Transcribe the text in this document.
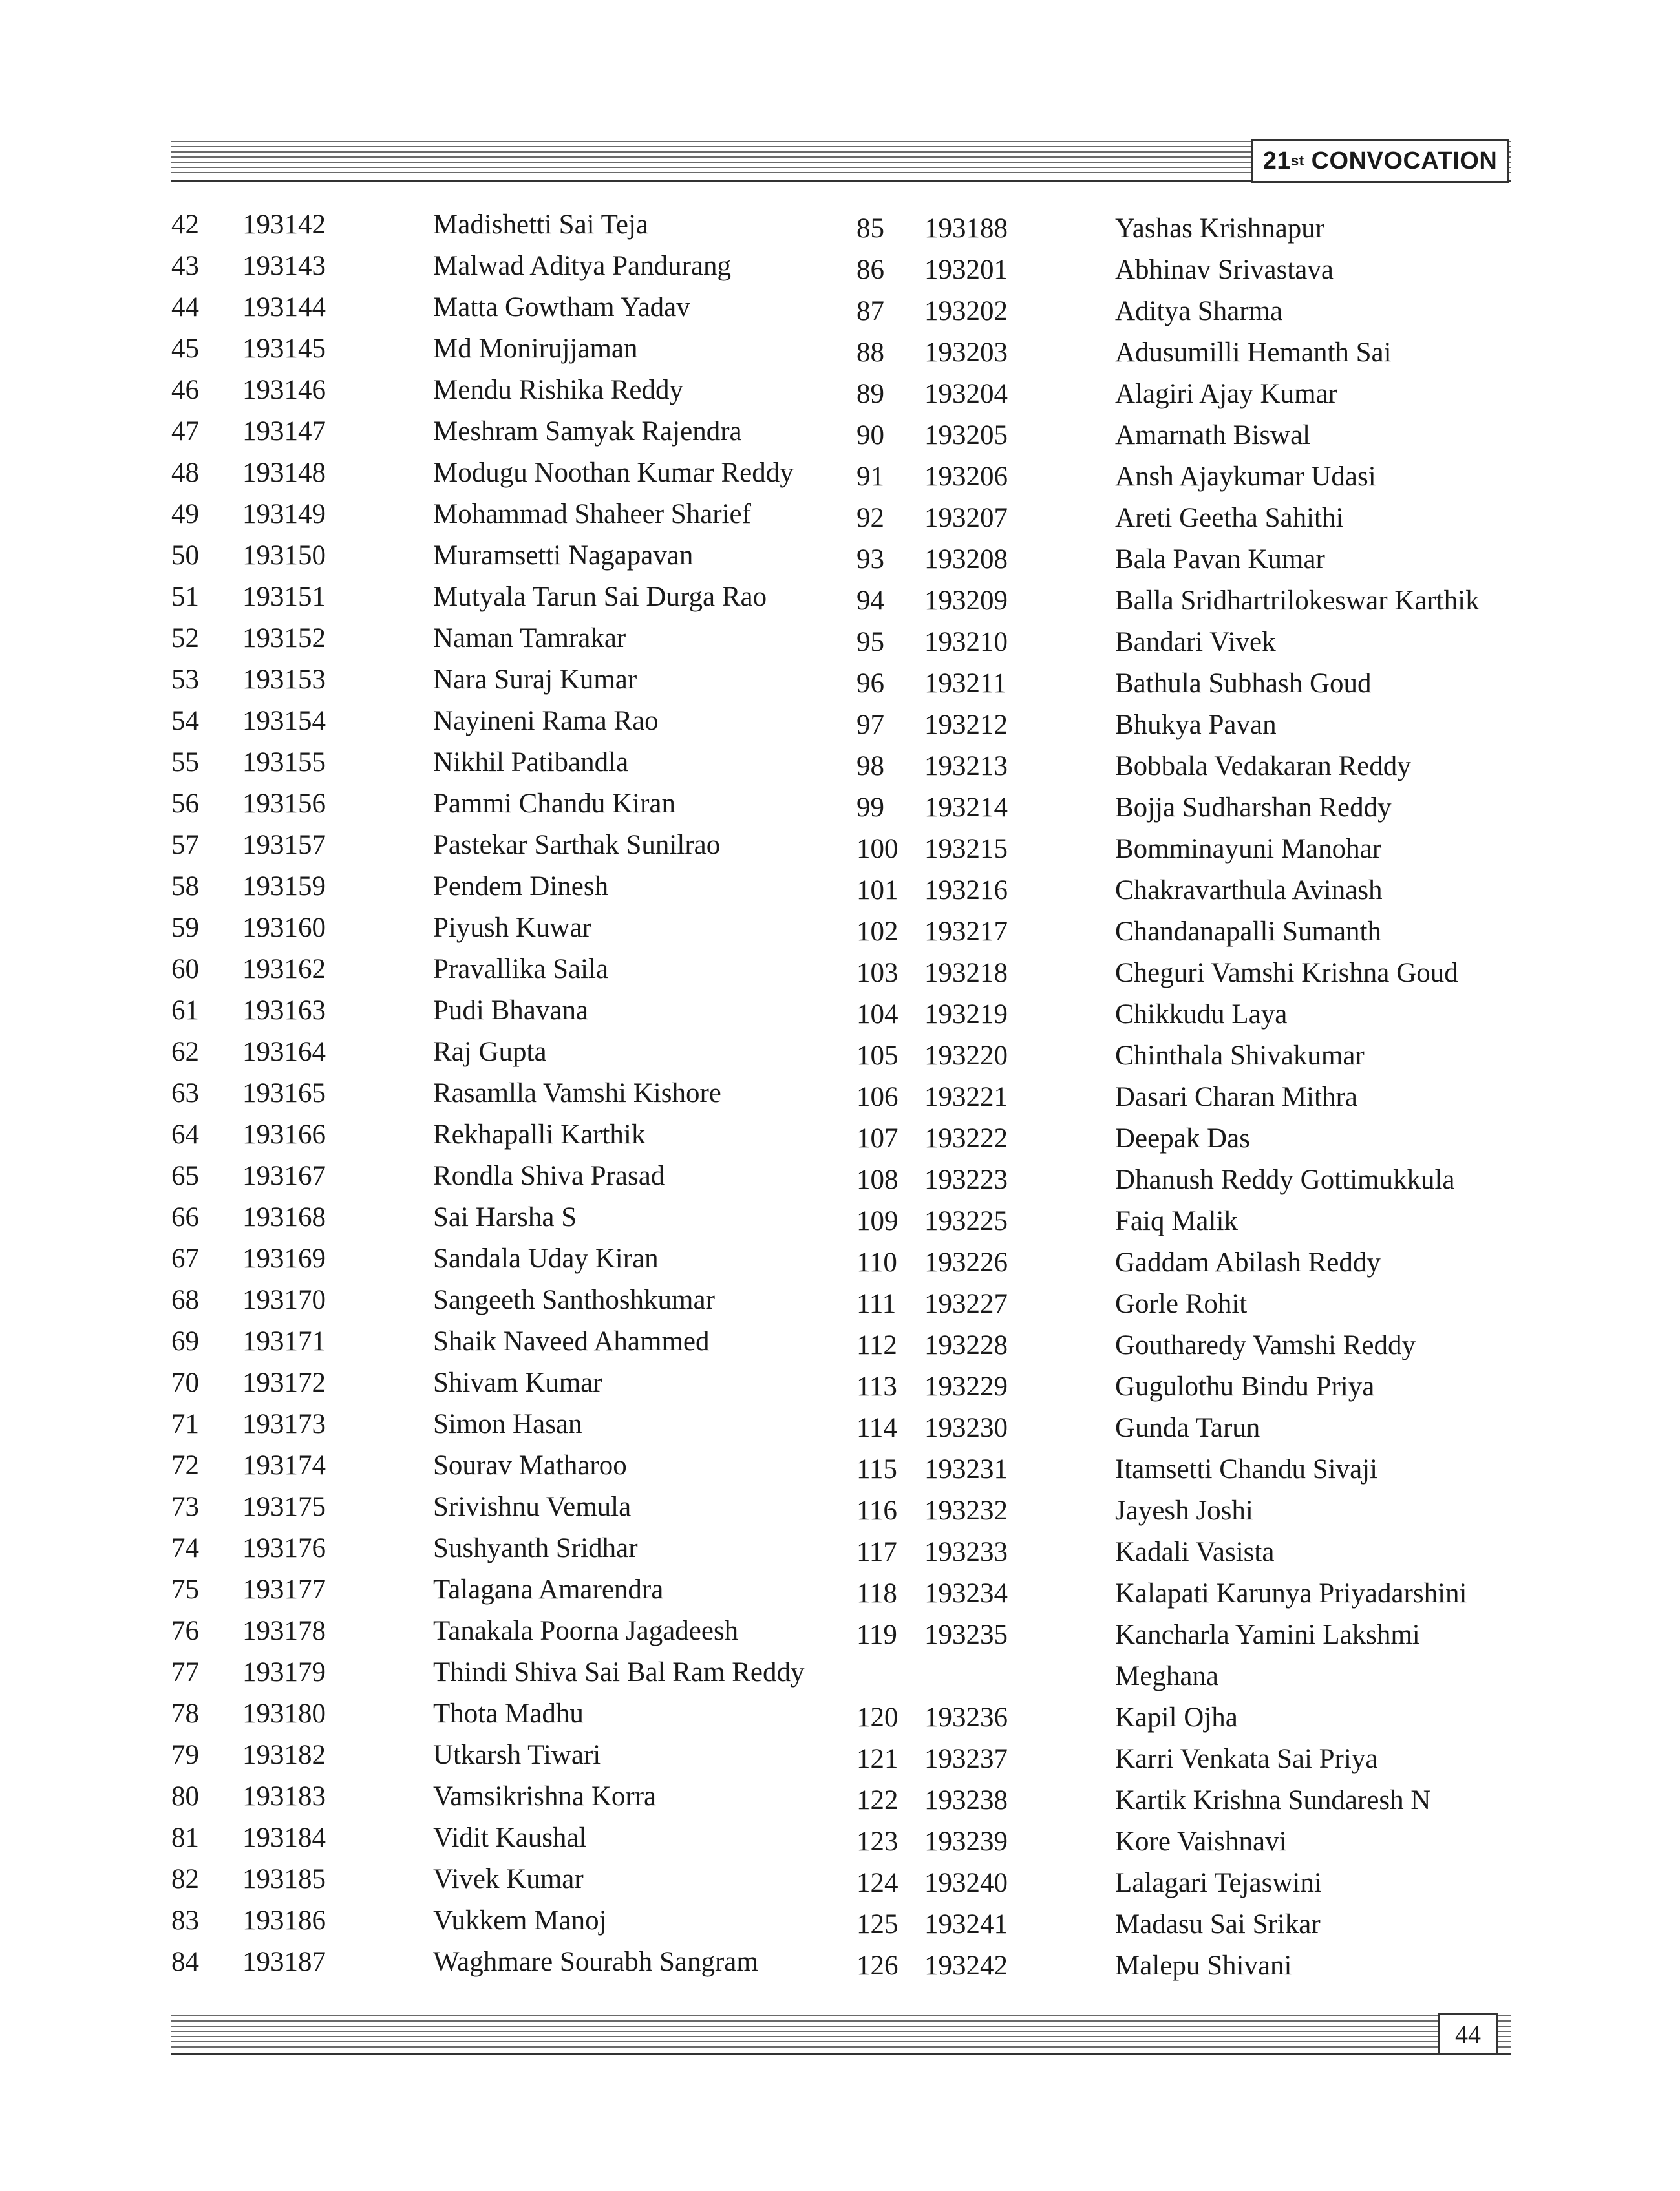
21 st
CONVOCATION
42 193142	Madishetti Sai Teja
43 193143	Malwad Aditya Pandurang
44 193144	Matta Gowtham Yadav
45 193145	Md Monirujjaman
46 193146	Mendu Rishika Reddy
47 193147	Meshram Samyak Rajendra
48 193148	Modugu Noothan Kumar Reddy
49 193149	Mohammad Shaheer Sharief
50 193150	Muramsetti Nagapavan
51 193151	Mutyala Tarun Sai Durga Rao
52 193152	Naman Tamrakar
53 193153	Nara Suraj Kumar
54 193154	Nayineni Rama Rao
55 193155	Nikhil Patibandla
56 193156	Pammi Chandu Kiran
57 193157	Pastekar Sarthak Sunilrao
58 193159	Pendem Dinesh
59 193160	Piyush Kuwar
60 193162	Pravallika Saila
61 193163	Pudi Bhavana
62 193164	Raj Gupta
63 193165	Rasamlla Vamshi Kishore
64 193166	Rekhapalli Karthik
65 193167	Rondla Shiva Prasad
66 193168	Sai Harsha S
67 193169	Sandala Uday Kiran
68 193170	Sangeeth Santhoshkumar
69 193171	Shaik Naveed Ahammed
70 193172	Shivam Kumar
71 193173	Simon Hasan
72 193174	Sourav Matharoo
73 193175	Srivishnu Vemula
74 193176	Sushyanth Sridhar
75 193177	Talagana Amarendra
76 193178	Tanakala Poorna Jagadeesh
77 193179	Thindi Shiva Sai Bal Ram Reddy
78 193180	Thota Madhu
79 193182	Utkarsh Tiwari
80 193183	Vamsikrishna Korra
81 193184	Vidit Kaushal
82 193185	Vivek Kumar
83 193186	Vukkem Manoj
84 193187	Waghmare Sourabh Sangram
85 193188	Yashas Krishnapur
86 193201	Abhinav Srivastava
87 193202	Aditya Sharma
88 193203	Adusumilli Hemanth Sai
89 193204	Alagiri Ajay Kumar
90 193205	Amarnath Biswal
91 193206	Ansh Ajaykumar Udasi
92 193207	Areti Geetha Sahithi
93 193208	Bala Pavan Kumar
94 193209	Balla Sridhartrilokeswar Karthik
95 193210	Bandari Vivek
96 193211	Bathula Subhash Goud
97 193212	Bhukya Pavan
98 193213	Bobbala Vedakaran Reddy
99 193214	Bojja Sudharshan Reddy
100 193215	Bomminayuni Manohar
101 193216	Chakravarthula Avinash
102 193217	Chandanapalli Sumanth
103 193218	Cheguri Vamshi Krishna Goud
104 193219	Chikkudu Laya
105 193220	Chinthala Shivakumar
106 193221	Dasari Charan Mithra
107 193222	Deepak Das
108 193223	Dhanush Reddy Gottimukkula
109 193225	Faiq Malik
110 193226	Gaddam Abilash Reddy
111 193227	Gorle Rohit
112 193228	Goutharedy Vamshi Reddy
113 193229	Gugulothu Bindu Priya
114 193230	Gunda Tarun
115 193231	Itamsetti Chandu Sivaji
116 193232	Jayesh Joshi
117 193233	Kadali Vasista
118 193234	Kalapati Karunya Priyadarshini
119 193235	Kancharla Yamini Lakshmi
Meghana
120 193236	Kapil Ojha
121 193237	Karri Venkata Sai Priya
122 193238	Kartik Krishna Sundaresh N
123 193239	Kore Vaishnavi
124 193240	Lalagari Tejaswini
125 193241	Madasu Sai Srikar
126 193242	Malepu Shivani
44
